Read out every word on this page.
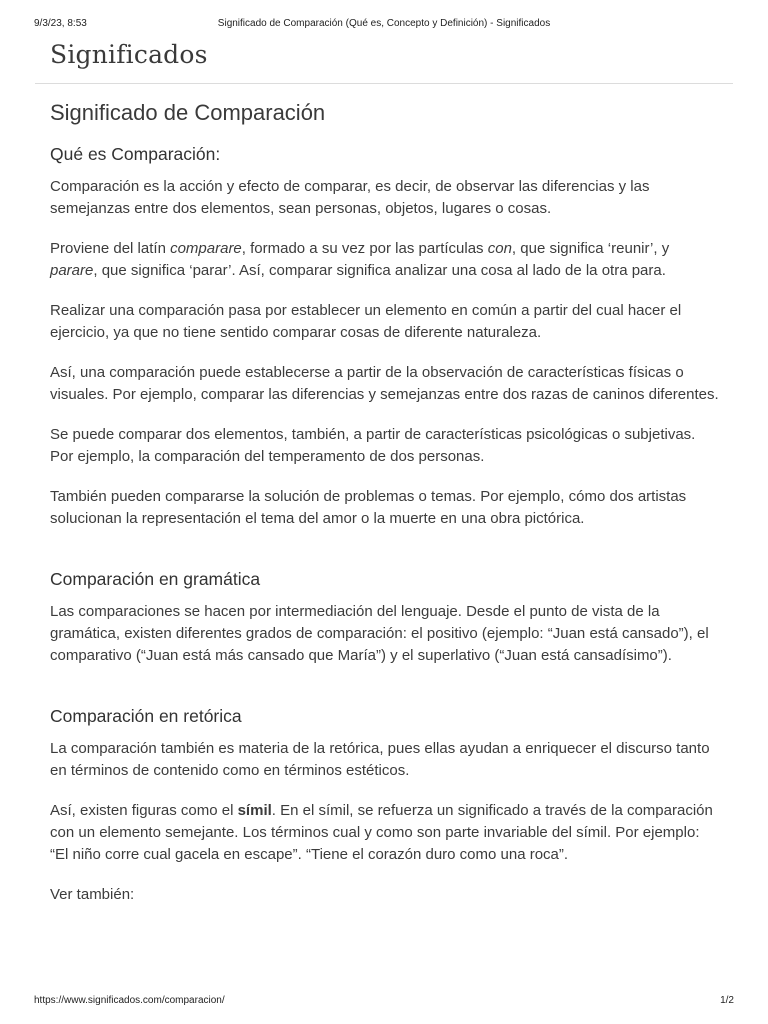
9/3/23, 8:53	Significado de Comparación (Qué es, Concepto y Definición) - Significados
Significados
Significado de Comparación
Qué es Comparación:

Comparación es la acción y efecto de comparar, es decir, de observar las diferencias y las semejanzas entre dos elementos, sean personas, objetos, lugares o cosas.

Proviene del latín comparare, formado a su vez por las partículas con, que significa ‘reunir’, y parare, que significa ‘parar’. Así, comparar significa analizar una cosa al lado de la otra para.

Realizar una comparación pasa por establecer un elemento en común a partir del cual hacer el ejercicio, ya que no tiene sentido comparar cosas de diferente naturaleza.

Así, una comparación puede establecerse a partir de la observación de características físicas o visuales. Por ejemplo, comparar las diferencias y semejanzas entre dos razas de caninos diferentes.

Se puede comparar dos elementos, también, a partir de características psicológicas o subjetivas. Por ejemplo, la comparación del temperamento de dos personas.

También pueden compararse la solución de problemas o temas. Por ejemplo, cómo dos artistas solucionan la representación el tema del amor o la muerte en una obra pictórica.

Comparación en gramática

Las comparaciones se hacen por intermediación del lenguaje. Desde el punto de vista de la gramática, existen diferentes grados de comparación: el positivo (ejemplo: “Juan está cansado”), el comparativo (“Juan está más cansado que María”) y el superlativo (“Juan está cansadísimo”).

Comparación en retórica

La comparación también es materia de la retórica, pues ellas ayudan a enriquecer el discurso tanto en términos de contenido como en términos estéticos.

Así, existen figuras como el símil. En el símil, se refuerza un significado a través de la comparación con un elemento semejante. Los términos cual y como son parte invariable del símil. Por ejemplo: “El niño corre cual gacela en escape”. “Tiene el corazón duro como una roca”.

Ver también:

https://www.significados.com/comparacion/	1/2
